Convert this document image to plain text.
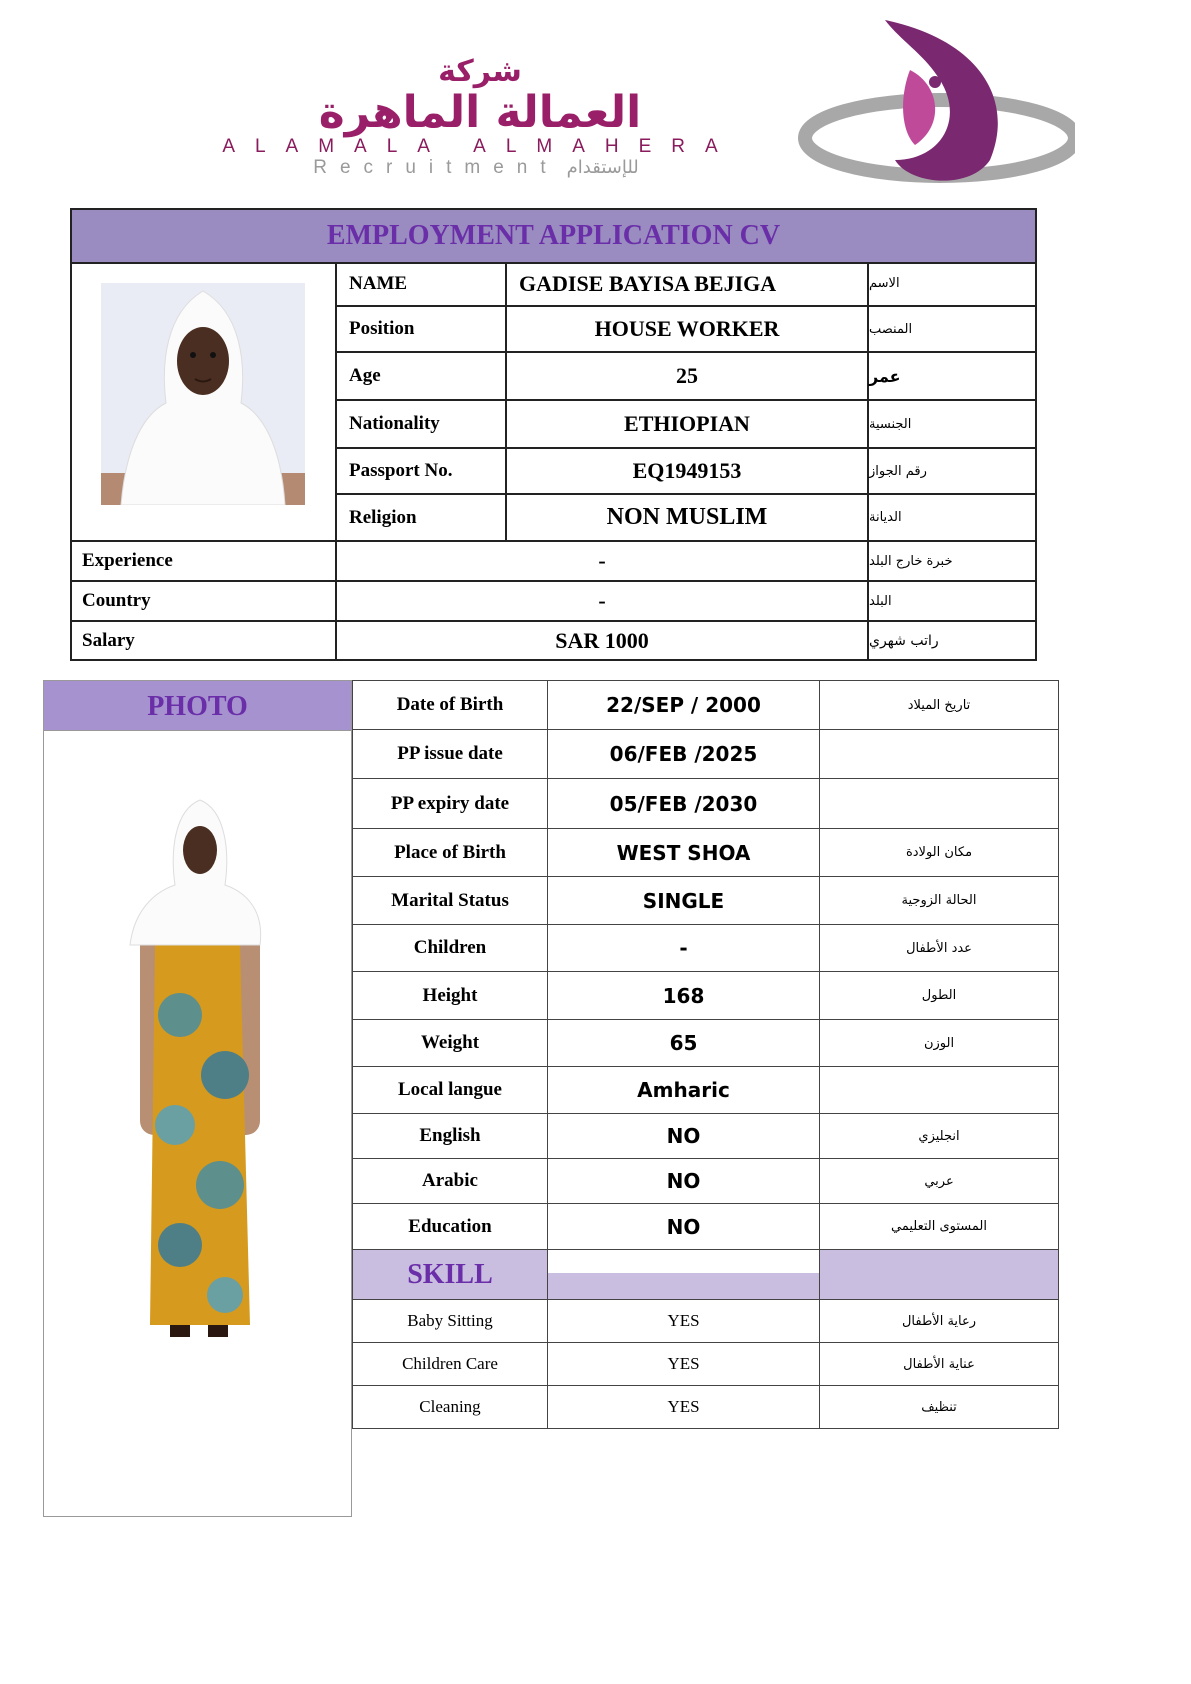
شركة
العمالة الماهرة
ALAMALA ALMAHERA
Recruitment للإستقدام
EMPLOYMENT APPLICATION CV
NAME	GADISE BAYISA BEJIGA	الاسم
Position	HOUSE WORKER	المنصب
Age	25	عمر
Nationality	ETHIOPIAN	الجنسية
Passport No.	EQ1949153	رقم الجواز
Religion	NON MUSLIM	الديانة
Experience	-	خبرة خارج البلد
Country	-	البلد
Salary	SAR 1000	راتب شهري
PHOTO	Date of Birth	22/SEP / 2000	تاريخ الميلاد
PP issue date	06/FEB /2025
PP expiry date	05/FEB /2030
Place of Birth	WEST SHOA	مكان الولادة
Marital Status	SINGLE	الحالة الزوجية
Children	-	عدد الأطفال
Height	168	الطول
Weight	65	الوزن
Local langue	Amharic
English	NO	انجليزي
Arabic	NO	عربي
Education	NO	المستوى التعليمي
SKILL
Baby Sitting	YES	رعاية الأطفال
Children Care	YES	عناية الأطفال
Cleaning	YES	تنظيف
